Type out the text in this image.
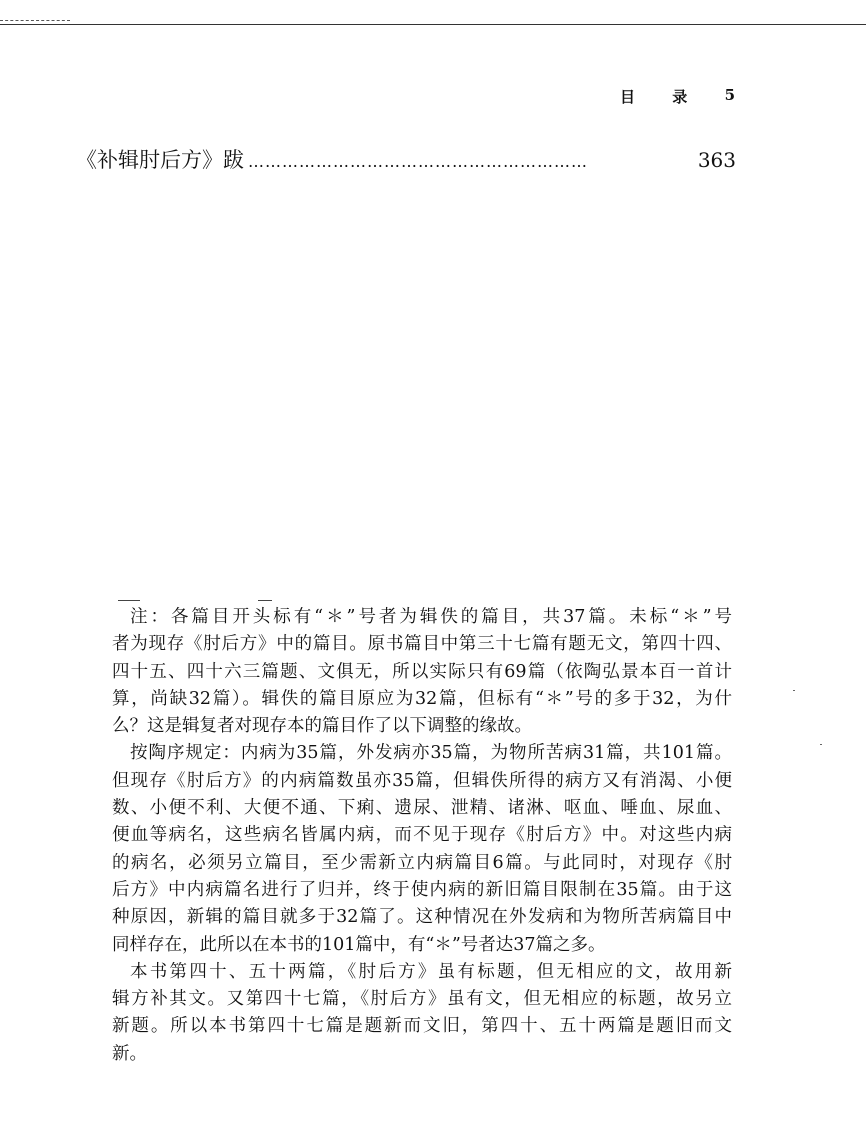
目 录 5
《补辑肘后方》跋 ……………………………………………………	363
注：各篇目开头标有“＊”号者为辑佚的篇目，共37篇。未标“＊”号
者为现存《肘后方》中的篇目。原书篇目中第三十七篇有题无文，第四十四、
四十五、四十六三篇题、文俱无，所以实际只有69篇（依陶弘景本百一首计
算，尚缺32篇）。辑佚的篇目原应为32篇，但标有“＊”号的多于32，为什
么？这是辑复者对现存本的篇目作了以下调整的缘故。
按陶序规定：内病为35篇，外发病亦35篇，为物所苦病31篇，共101篇。
但现存《肘后方》的内病篇数虽亦35篇，但辑佚所得的病方又有消渴、小便
数、小便不利、大便不通、下痢、遗尿、泄精、诸淋、呕血、唾血、尿血、
便血等病名，这些病名皆属内病，而不见于现存《肘后方》中。对这些内病
的病名，必须另立篇目，至少需新立内病篇目6篇。与此同时，对现存《肘
后方》中内病篇名进行了归并，终于使内病的新旧篇目限制在35篇。由于这
种原因，新辑的篇目就多于32篇了。这种情况在外发病和为物所苦病篇目中
同样存在，此所以在本书的101篇中，有“＊”号者达37篇之多。
本书第四十、五十两篇，《肘后方》虽有标题，但无相应的文，故用新
辑方补其文。又第四十七篇，《肘后方》虽有文，但无相应的标题，故另立
新题。所以本书第四十七篇是题新而文旧，第四十、五十两篇是题旧而文
新。
